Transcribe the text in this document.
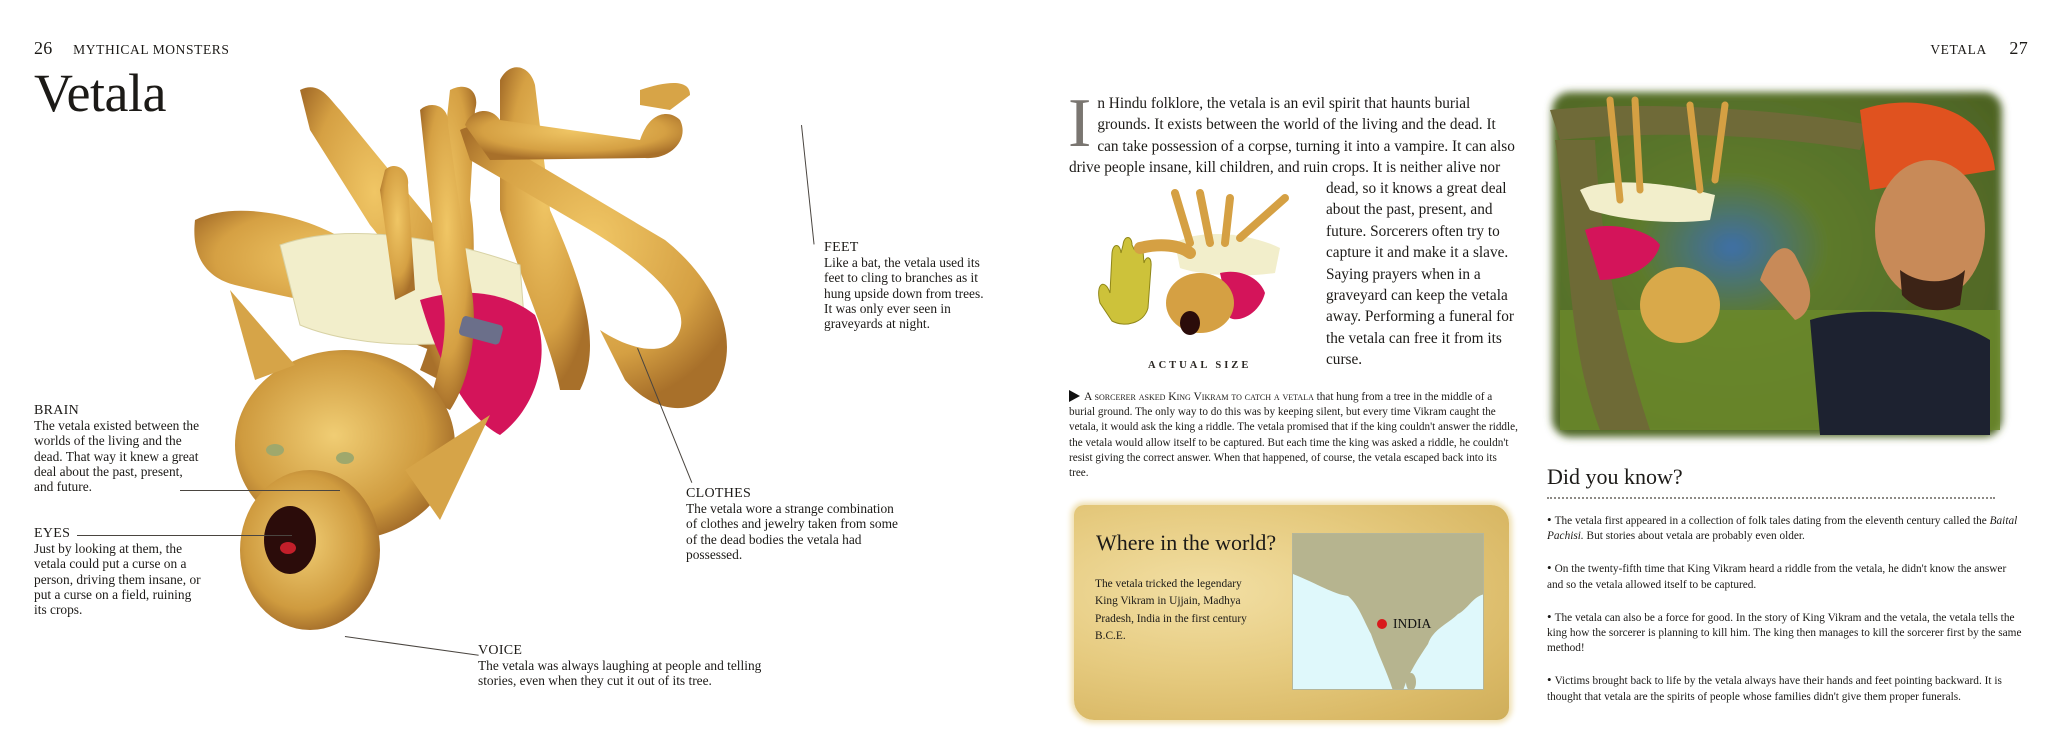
26 MYTHICAL MONSTERS
Vetala
BRAIN
The vetala existed between the worlds of the living and the dead. That way it knew a great deal about the past, present, and future.
EYES
Just by looking at them, the vetala could put a curse on a person, driving them insane, or put a curse on a field, ruining its crops.
FEET
Like a bat, the vetala used its feet to cling to branches as it hung upside down from trees. It was only ever seen in graveyards at night.
CLOTHES
The vetala wore a strange combination of clothes and jewelry taken from some of the dead bodies the vetala had possessed.
VOICE
The vetala was always laughing at people and telling stories, even when they cut it out of its tree.
VETALA 27
I n Hindu folklore, the vetala is an evil spirit that haunts burial grounds. It exists between the world of the living and the dead. It can take possession of a corpse, turning it into a vampire. It can also drive people insane, kill children, and ruin crops. It is neither alive nor
dead, so it knows a great deal about the past, present, and future. Sorcerers often try to capture it and make it a slave. Saying prayers when in a graveyard can keep the vetala away. Performing a funeral for the vetala can free it from its curse.
ACTUAL SIZE
A sorcerer asked King Vikram to catch a vetala that hung from a tree in the middle of a burial ground. The only way to do this was by keeping silent, but every time Vikram caught the vetala, it would ask the king a riddle. The vetala promised that if the king couldn't answer the riddle, the vetala would allow itself to be captured. But each time the king was asked a riddle, he couldn't resist giving the correct answer. When that happened, of course, the vetala escaped back into its tree.
Where in the world?
The vetala tricked the legendary King Vikram in Ujjain, Madhya Pradesh, India in the first century B.C.E.
INDIA
Did you know?
• The vetala first appeared in a collection of folk tales dating from the eleventh century called the Baital Pachisi. But stories about vetala are probably even older.
• On the twenty-fifth time that King Vikram heard a riddle from the vetala, he didn't know the answer and so the vetala allowed itself to be captured.
• The vetala can also be a force for good. In the story of King Vikram and the vetala, the vetala tells the king how the sorcerer is planning to kill him. The king then manages to kill the sorcerer first by the same method!
• Victims brought back to life by the vetala always have their hands and feet pointing backward. It is thought that vetala are the spirits of people whose families didn't give them proper funerals.
